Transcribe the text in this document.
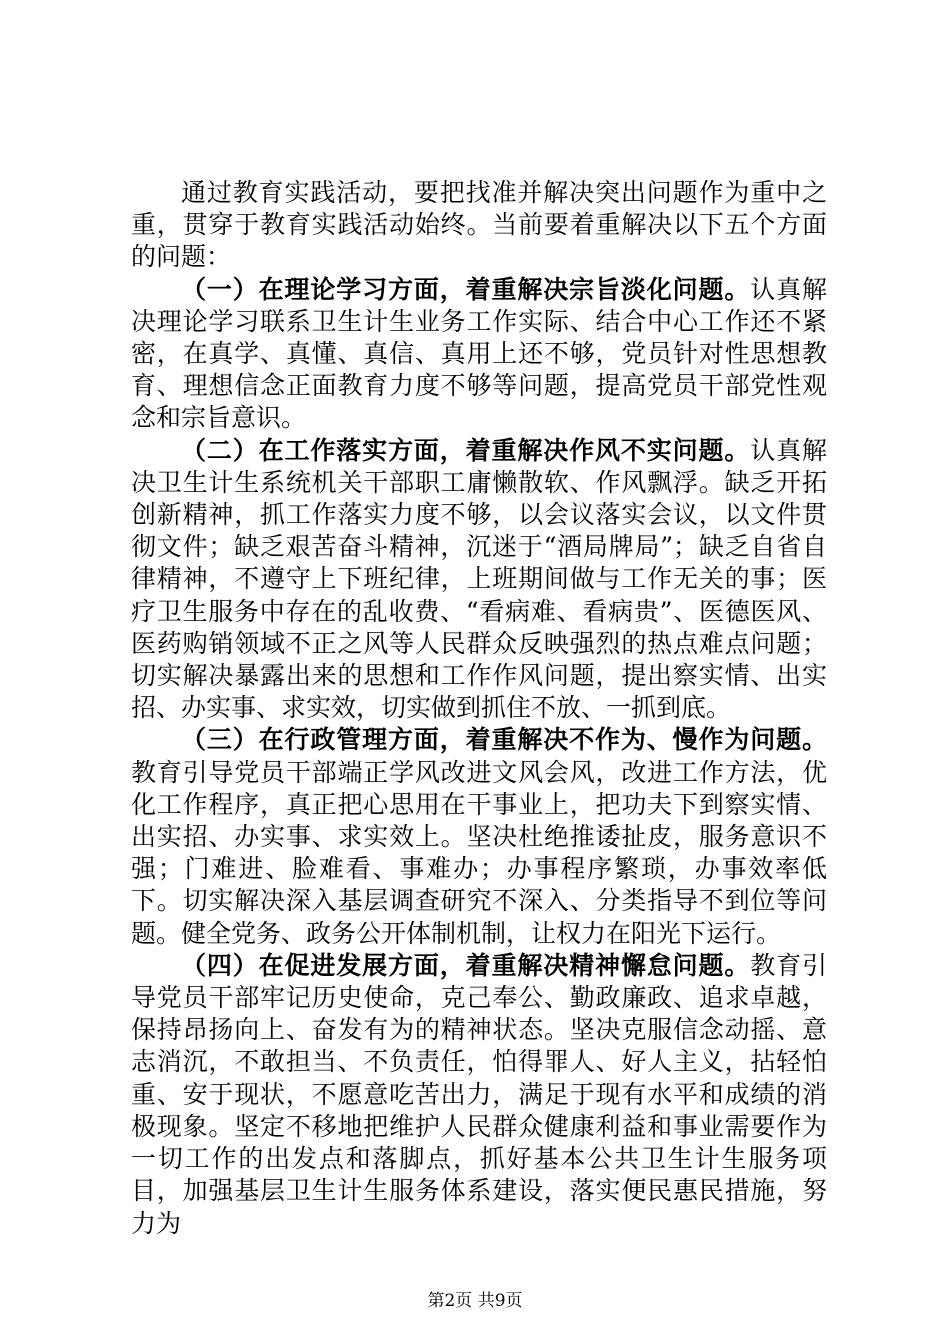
通过教育实践活动，要把找准并解决突出问题作为重中之重，贯穿于教育实践活动始终。当前要着重解决以下五个方面的问题：

（一）在理论学习方面，着重解决宗旨淡化问题。认真解决理论学习联系卫生计生业务工作实际、结合中心工作还不紧密，在真学、真懂、真信、真用上还不够，党员针对性思想教育、理想信念正面教育力度不够等问题，提高党员干部党性观念和宗旨意识。

（二）在工作落实方面，着重解决作风不实问题。认真解决卫生计生系统机关干部职工庸懒散软、作风飘浮。缺乏开拓创新精神，抓工作落实力度不够，以会议落实会议，以文件贯彻文件；缺乏艰苦奋斗精神，沉迷于“酒局牌局”；缺乏自省自律精神，不遵守上下班纪律，上班期间做与工作无关的事；医疗卫生服务中存在的乱收费、“看病难、看病贵”、医德医风、医药购销领域不正之风等人民群众反映强烈的热点难点问题；切实解决暴露出来的思想和工作作风问题，提出察实情、出实招、办实事、求实效，切实做到抓住不放、一抓到底。

（三）在行政管理方面，着重解决不作为、慢作为问题。教育引导党员干部端正学风改进文风会风，改进工作方法，优化工作程序，真正把心思用在干事业上，把功夫下到察实情、出实招、办实事、求实效上。坚决杜绝推诿扯皮，服务意识不强；门难进、脸难看、事难办；办事程序繁琐，办事效率低下。切实解决深入基层调查研究不深入、分类指导不到位等问题。健全党务、政务公开体制机制，让权力在阳光下运行。

（四）在促进发展方面，着重解决精神懈怠问题。教育引导党员干部牢记历史使命，克己奉公、勤政廉政、追求卓越，保持昂扬向上、奋发有为的精神状态。坚决克服信念动摇、意志消沉，不敢担当、不负责任，怕得罪人、好人主义，拈轻怕重、安于现状，不愿意吃苦出力，满足于现有水平和成绩的消极现象。坚定不移地把维护人民群众健康利益和事业需要作为一切工作的出发点和落脚点，抓好基本公共卫生计生服务项目，加强基层卫生计生服务体系建设，落实便民惠民措施，努力为

第2页 共9页
